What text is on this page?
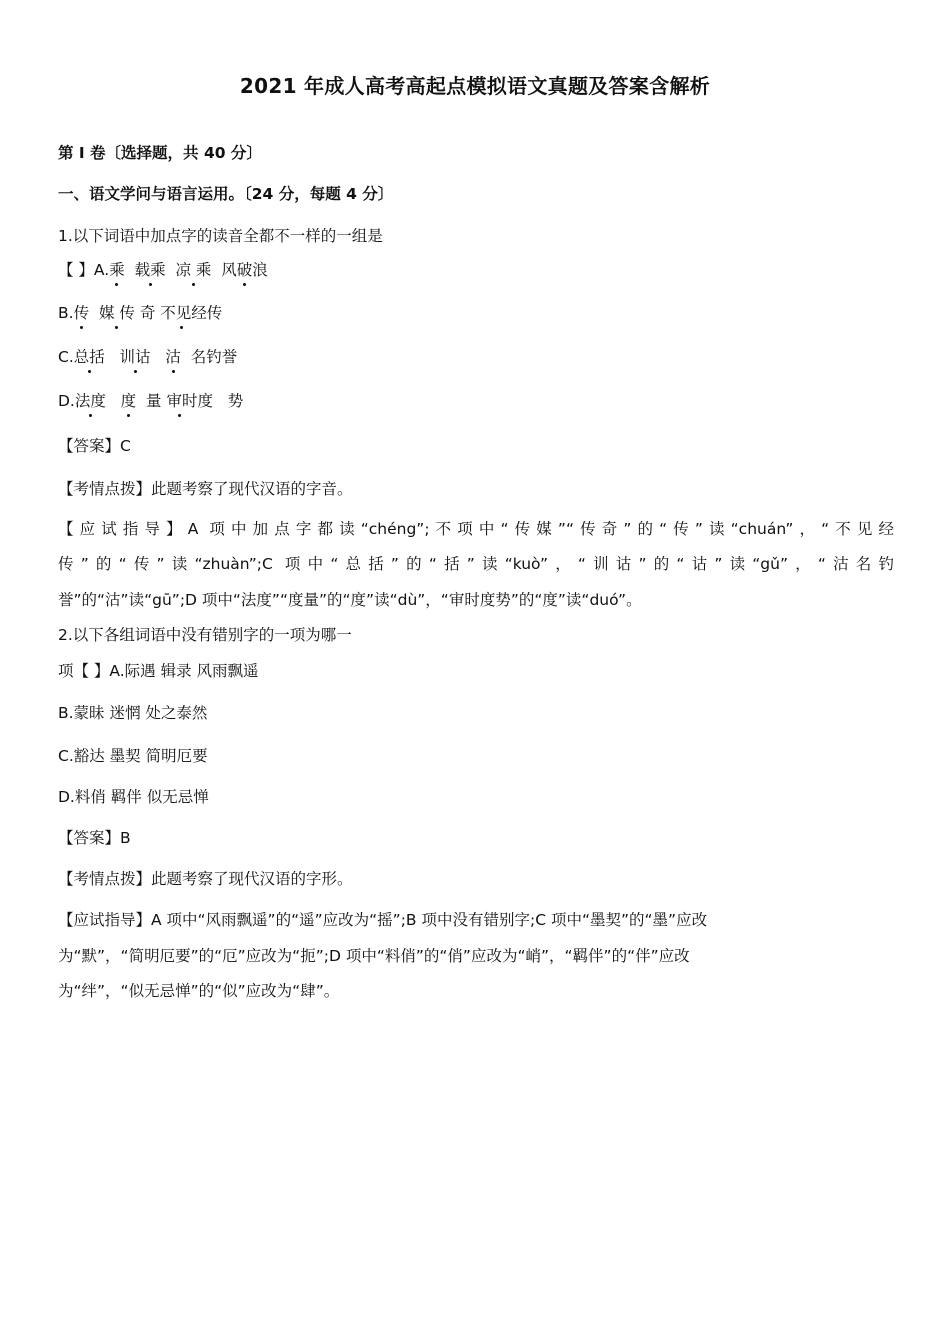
2021 年成人高考高起点模拟语文真题及答案含解析
第 I 卷〔选择题，共 40 分〕
一、语文学问与语言运用。〔24 分，每题 4 分〕
1.以下词语中加点字的读音全都不一样的一组是
【 】A.乘 载乘 凉 乘 风破浪
B.传 媒 传 奇 不见经传
C.总括 训诂 沽 名钓誉
D.法度 度 量 审时度 势
【答案】C
【考情点拨】此题考察了现代汉语的字音。
【应试指导】A 项中加点字都读“chéng”;不项中“传媒”“传奇”的“传”读“chuán”，“不见经
传”的“传”读“zhuàn”;C 项中“总括”的“括”读“kuò”，“训诂”的“诂”读“gǔ”，“沽名钓
誉”的“沽”读“gū”;D 项中“法度”“度量”的“度”读“dù”，“审时度势”的“度”读“duó”。
2.以下各组词语中没有错别字的一项为哪一
项【 】A.际遇 辑录 风雨飘遥
B.蒙昧 迷惘 处之泰然
C.豁达 墨契 简明厄要
D.料俏 羁伴 似无忌惮
【答案】B
【考情点拨】此题考察了现代汉语的字形。
【应试指导】A 项中“风雨飘遥”的“遥”应改为“摇”;B 项中没有错别字;C 项中“墨契”的“墨”应改
为“默”，“简明厄要”的“厄”应改为“扼”;D 项中“料俏”的“俏”应改为“峭”，“羁伴”的“伴”应改
为“绊”，“似无忌惮”的“似”应改为“肆”。
